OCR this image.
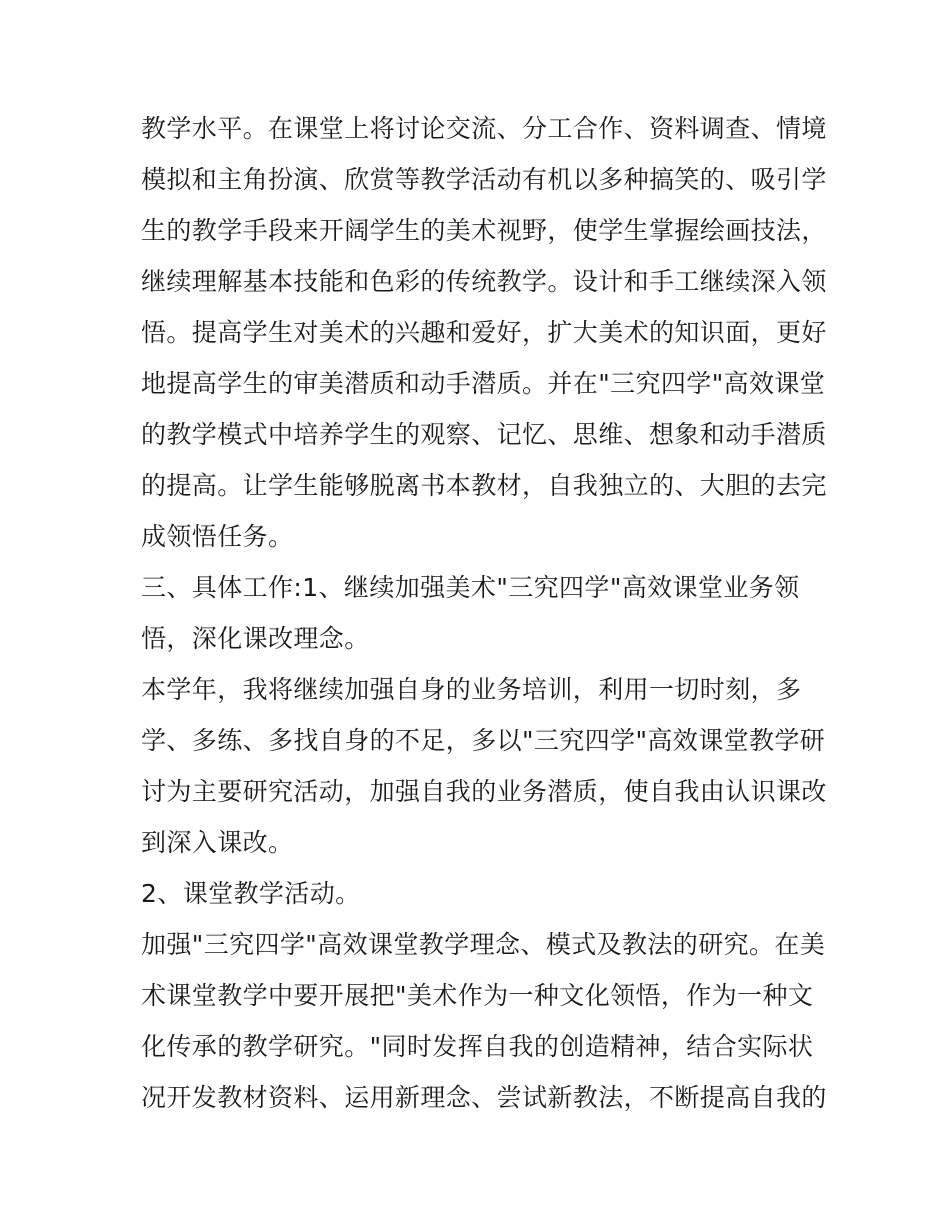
教学水平。在课堂上将讨论交流、分工合作、资料调查、情境
模拟和主角扮演、欣赏等教学活动有机以多种搞笑的、吸引学
生的教学手段来开阔学生的美术视野，使学生掌握绘画技法，
继续理解基本技能和色彩的传统教学。设计和手工继续深入领
悟。提高学生对美术的兴趣和爱好，扩大美术的知识面，更好
地提高学生的审美潜质和动手潜质。并在"三究四学"高效课堂
的教学模式中培养学生的观察、记忆、思维、想象和动手潜质
的提高。让学生能够脱离书本教材，自我独立的、大胆的去完
成领悟任务。
三、具体工作:1、继续加强美术"三究四学"高效课堂业务领
悟，深化课改理念。
本学年，我将继续加强自身的业务培训，利用一切时刻，多
学、多练、多找自身的不足，多以"三究四学"高效课堂教学研
讨为主要研究活动，加强自我的业务潜质，使自我由认识课改
到深入课改。
2、课堂教学活动。
加强"三究四学"高效课堂教学理念、模式及教法的研究。在美
术课堂教学中要开展把"美术作为一种文化领悟，作为一种文
化传承的教学研究。"同时发挥自我的创造精神，结合实际状
况开发教材资料、运用新理念、尝试新教法，不断提高自我的
